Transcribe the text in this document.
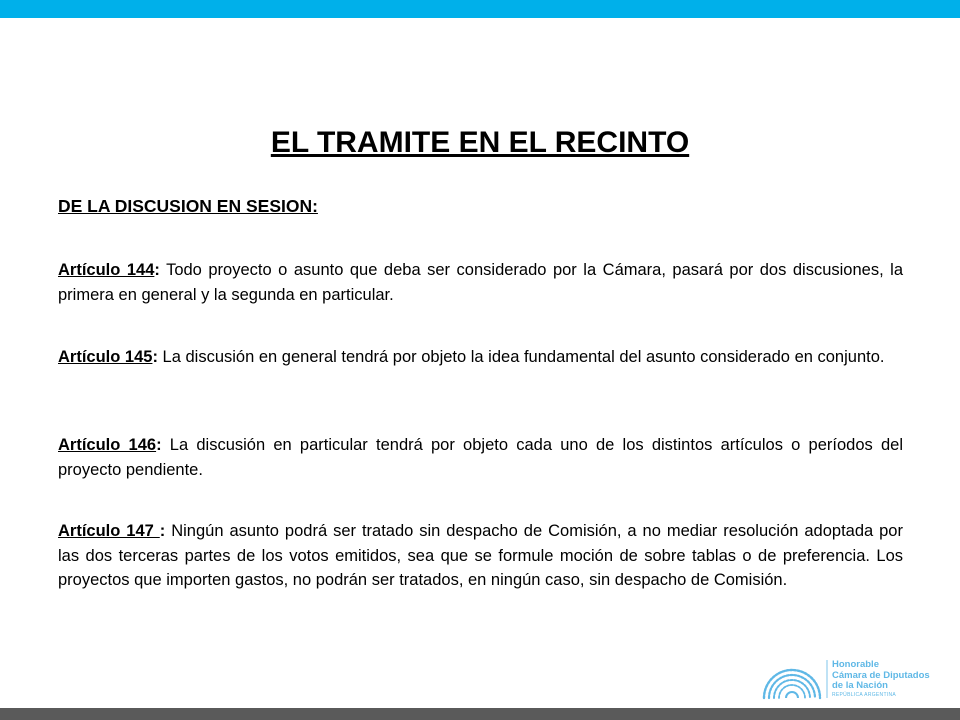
EL TRAMITE EN EL RECINTO
DE LA DISCUSION EN SESION:
Artículo 144: Todo proyecto o asunto que deba ser considerado por la Cámara, pasará por dos discusiones, la primera en general y la segunda en particular.
Artículo 145: La discusión en general tendrá por objeto la idea fundamental del asunto considerado en conjunto.
Artículo 146: La discusión en particular tendrá por objeto cada uno de los distintos artículos o períodos del proyecto pendiente.
Artículo 147 : Ningún asunto podrá ser tratado sin despacho de Comisión, a no mediar resolución adoptada por las dos terceras partes de los votos emitidos, sea que se formule moción de sobre tablas o de preferencia. Los proyectos que importen gastos, no podrán ser tratados, en ningún caso, sin despacho de Comisión.
Honorable
Cámara de Diputados
de la Nación
REPÚBLICA ARGENTINA
